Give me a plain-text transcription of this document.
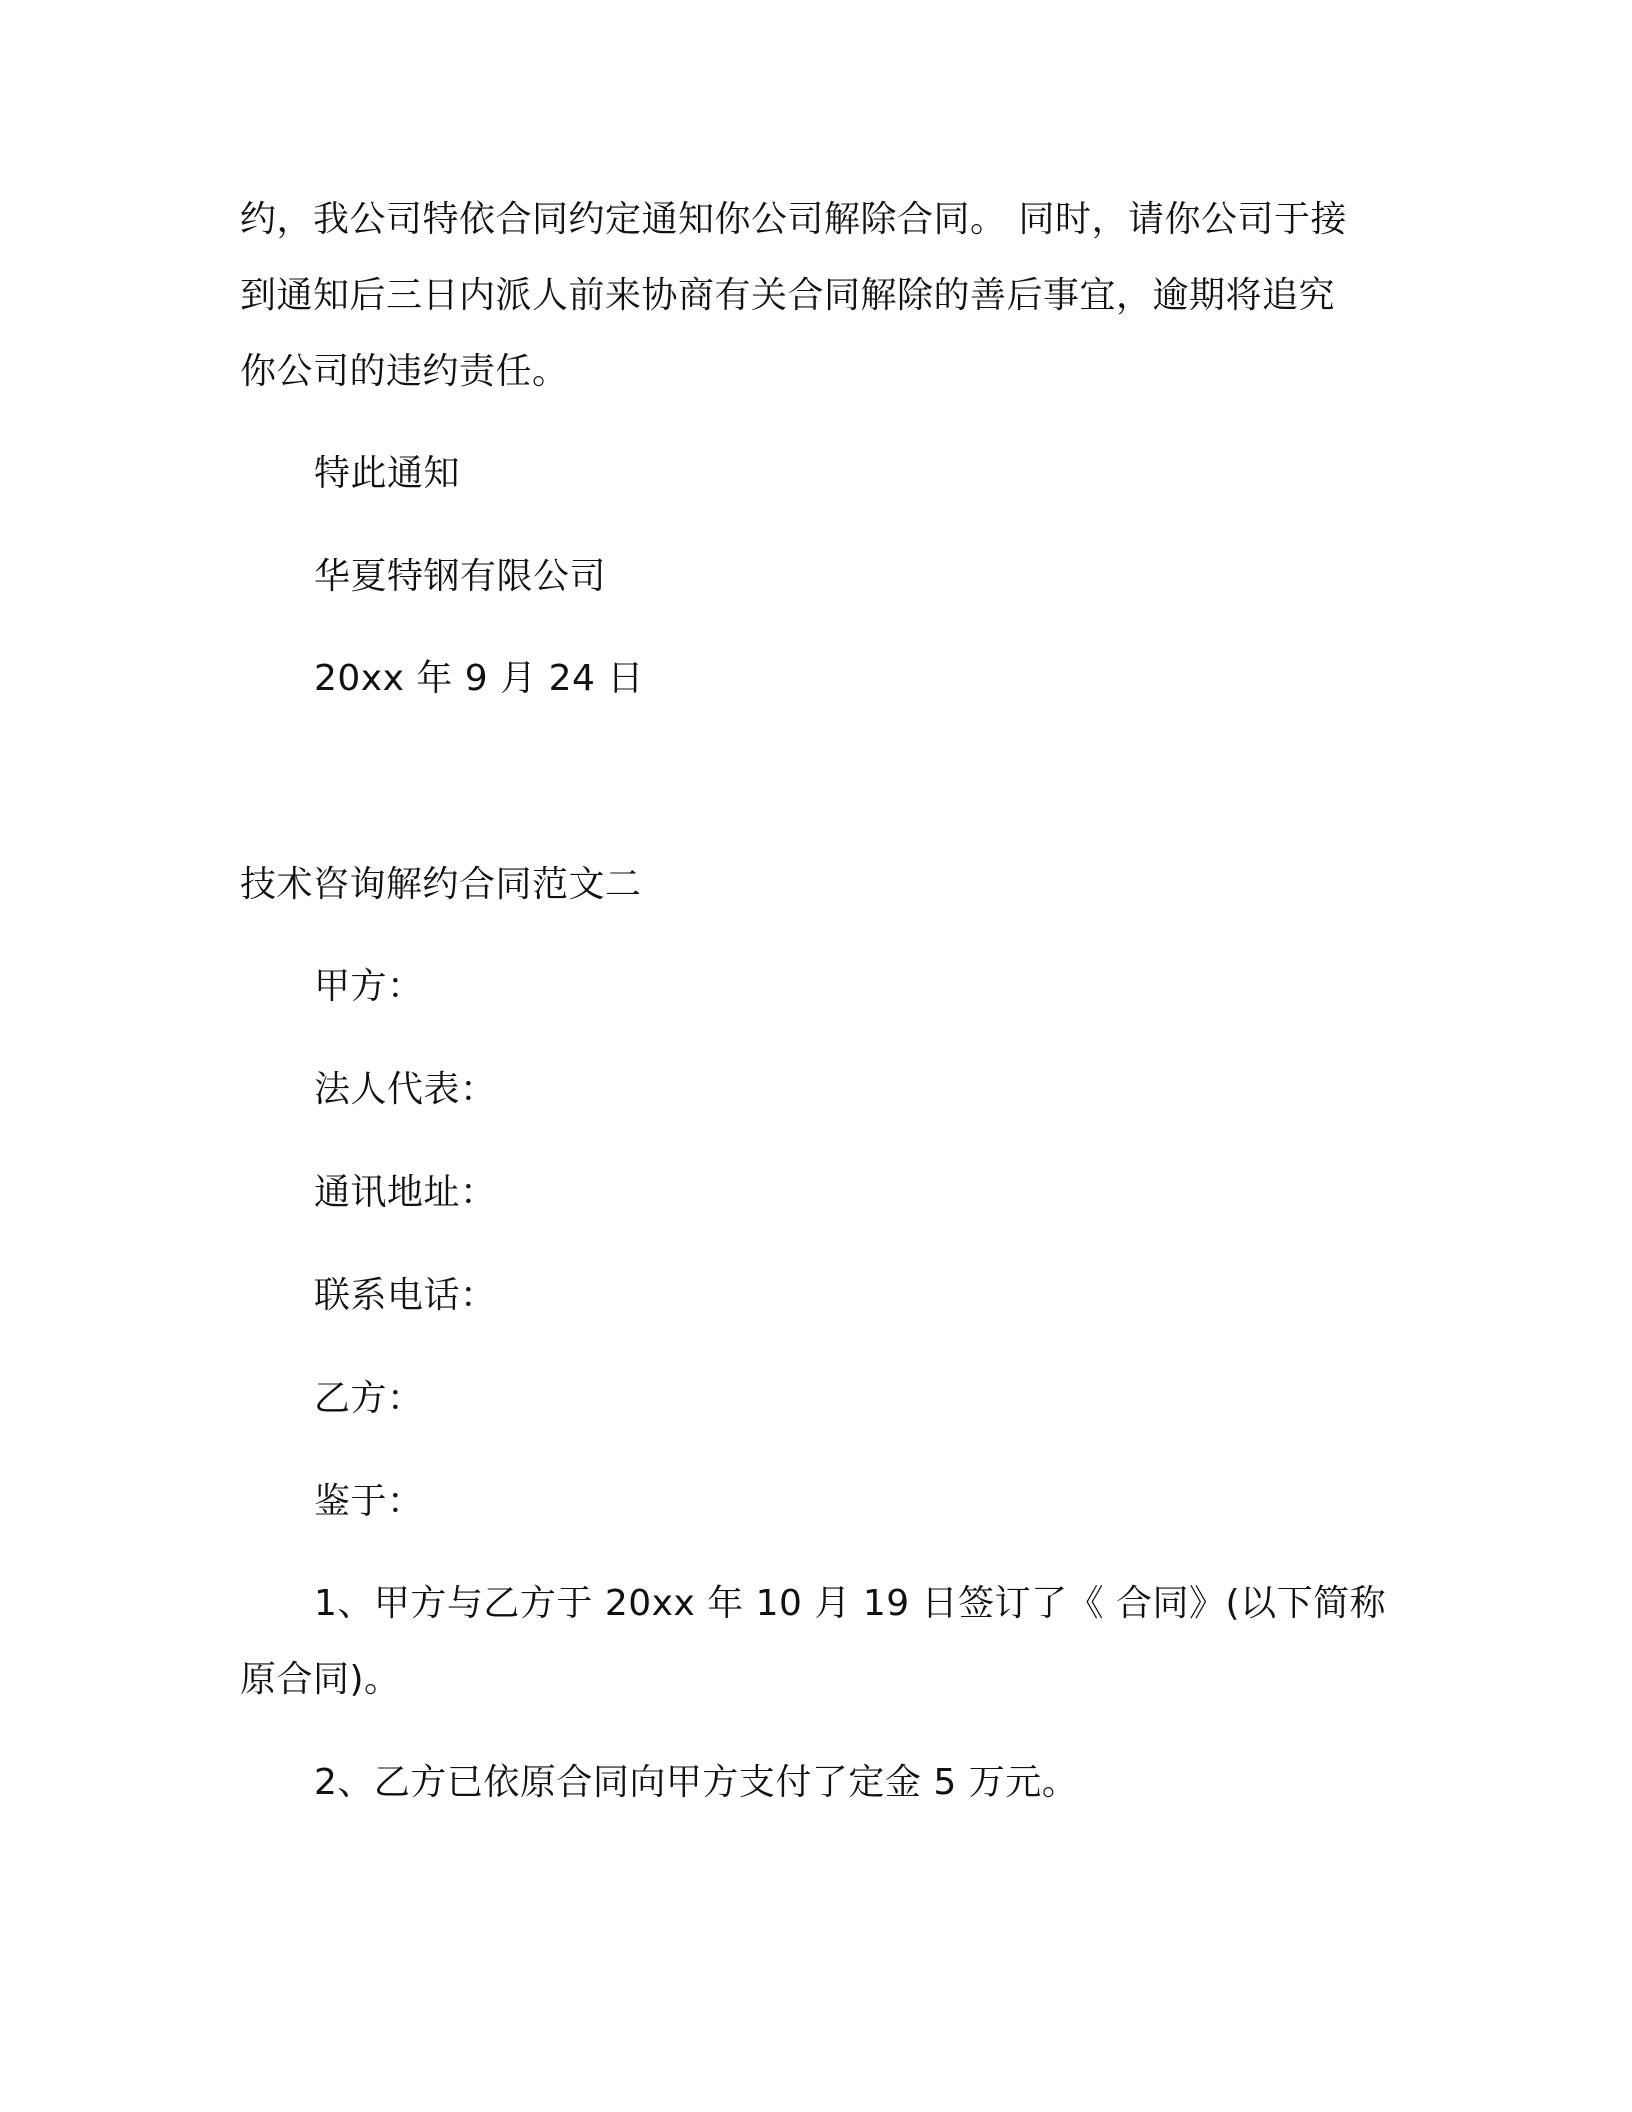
约，我公司特依合同约定通知你公司解除合同。 同时，请你公司于接
到通知后三日内派人前来协商有关合同解除的善后事宜，逾期将追究
你公司的违约责任。
特此通知
华夏特钢有限公司
20xx 年 9 月 24 日
技术咨询解约合同范文二
甲方：
法人代表：
通讯地址：
联系电话：
乙方：
鉴于：
1、甲方与乙方于 20xx 年 10 月 19 日签订了《 合同》(以下简称
原合同)。
2、乙方已依原合同向甲方支付了定金 5 万元。
